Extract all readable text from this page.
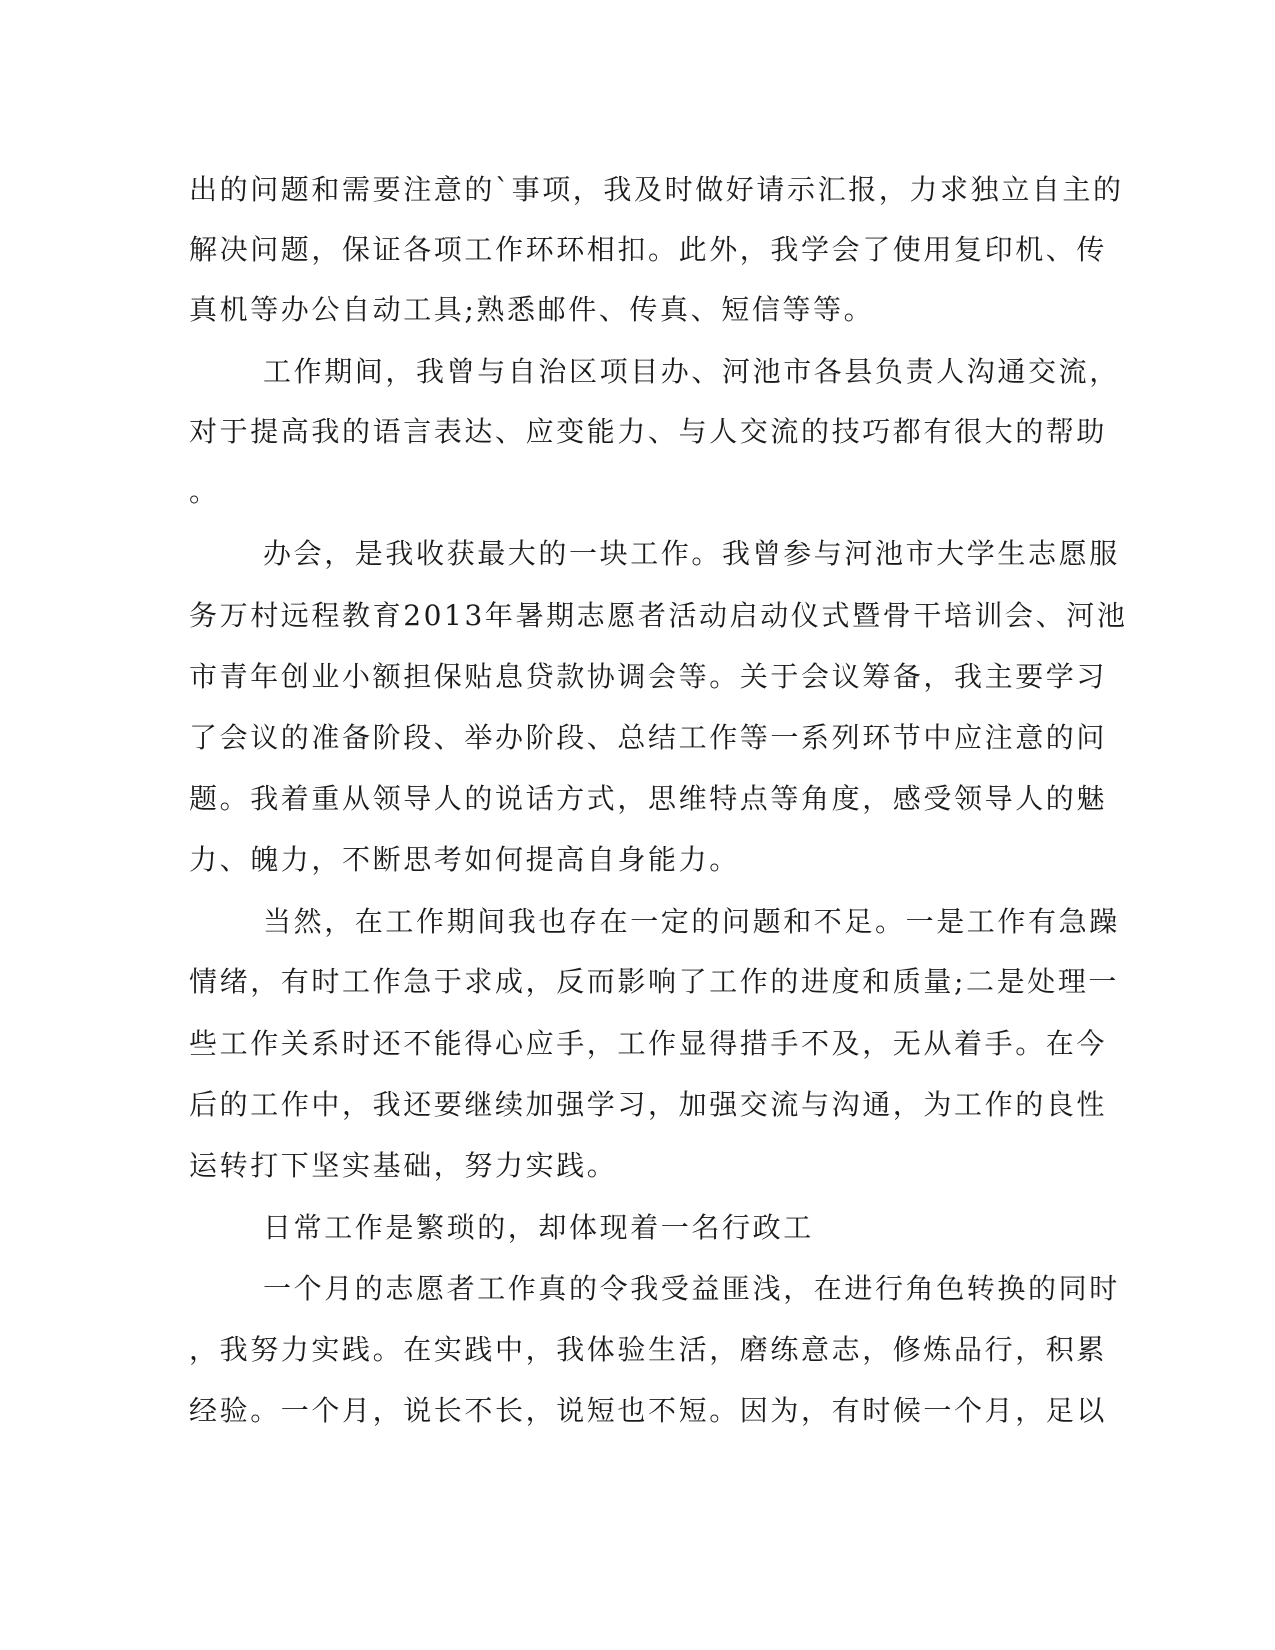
出的问题和需要注意的`事项，我及时做好请示汇报，力求独立自主的
解决问题，保证各项工作环环相扣。此外，我学会了使用复印机、传
真机等办公自动工具;熟悉邮件、传真、短信等等。
工作期间，我曾与自治区项目办、河池市各县负责人沟通交流，
对于提高我的语言表达、应变能力、与人交流的技巧都有很大的帮助
。
办会，是我收获最大的一块工作。我曾参与河池市大学生志愿服
务万村远程教育2013年暑期志愿者活动启动仪式暨骨干培训会、河池
市青年创业小额担保贴息贷款协调会等。关于会议筹备，我主要学习
了会议的准备阶段、举办阶段、总结工作等一系列环节中应注意的问
题。我着重从领导人的说话方式，思维特点等角度，感受领导人的魅
力、魄力，不断思考如何提高自身能力。
当然，在工作期间我也存在一定的问题和不足。一是工作有急躁
情绪，有时工作急于求成，反而影响了工作的进度和质量;二是处理一
些工作关系时还不能得心应手，工作显得措手不及，无从着手。在今
后的工作中，我还要继续加强学习，加强交流与沟通，为工作的良性
运转打下坚实基础，努力实践。
日常工作是繁琐的，却体现着一名行政工
一个月的志愿者工作真的令我受益匪浅，在进行角色转换的同时
，我努力实践。在实践中，我体验生活，磨练意志，修炼品行，积累
经验。一个月，说长不长，说短也不短。因为，有时候一个月，足以
